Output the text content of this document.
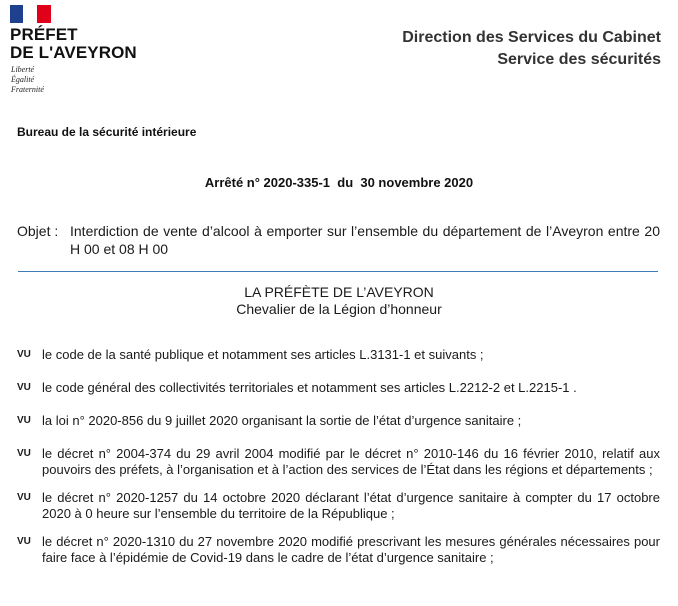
PRÉFET
DE L'AVEYRON
Liberté
Égalité
Fraternité
Direction des Services du Cabinet
Service des sécurités
Bureau de la sécurité intérieure
Arrêté n° 2020-335-1  du  30 novembre 2020
Objet : Interdiction de vente d’alcool à emporter sur l’ensemble du département de l’Aveyron entre 20 H 00 et 08 H 00
LA PRÉFÈTE DE L’AVEYRON
Chevalier de la Légion d’honneur
VU le code de la santé publique et notamment ses articles L.3131-1 et suivants ;
VU le code général des collectivités territoriales et notamment ses articles L.2212-2 et L.2215-1 .
VU la loi n° 2020-856 du 9 juillet 2020 organisant la sortie de l’état d’urgence sanitaire ;
VU le décret n° 2004-374 du 29 avril 2004 modifié par le décret n° 2010-146 du 16 février 2010, relatif aux pouvoirs des préfets, à l’organisation et à l’action des services de l’État dans les régions et départements ;
VU le décret n° 2020-1257 du 14 octobre 2020 déclarant l’état d’urgence sanitaire à compter du 17 octobre 2020 à 0 heure sur l’ensemble du territoire de la République ;
VU le décret n° 2020-1310 du 27 novembre 2020 modifié prescrivant les mesures générales nécessaires pour faire face à l’épidémie de Covid-19 dans le cadre de l’état d’urgence sanitaire ;
